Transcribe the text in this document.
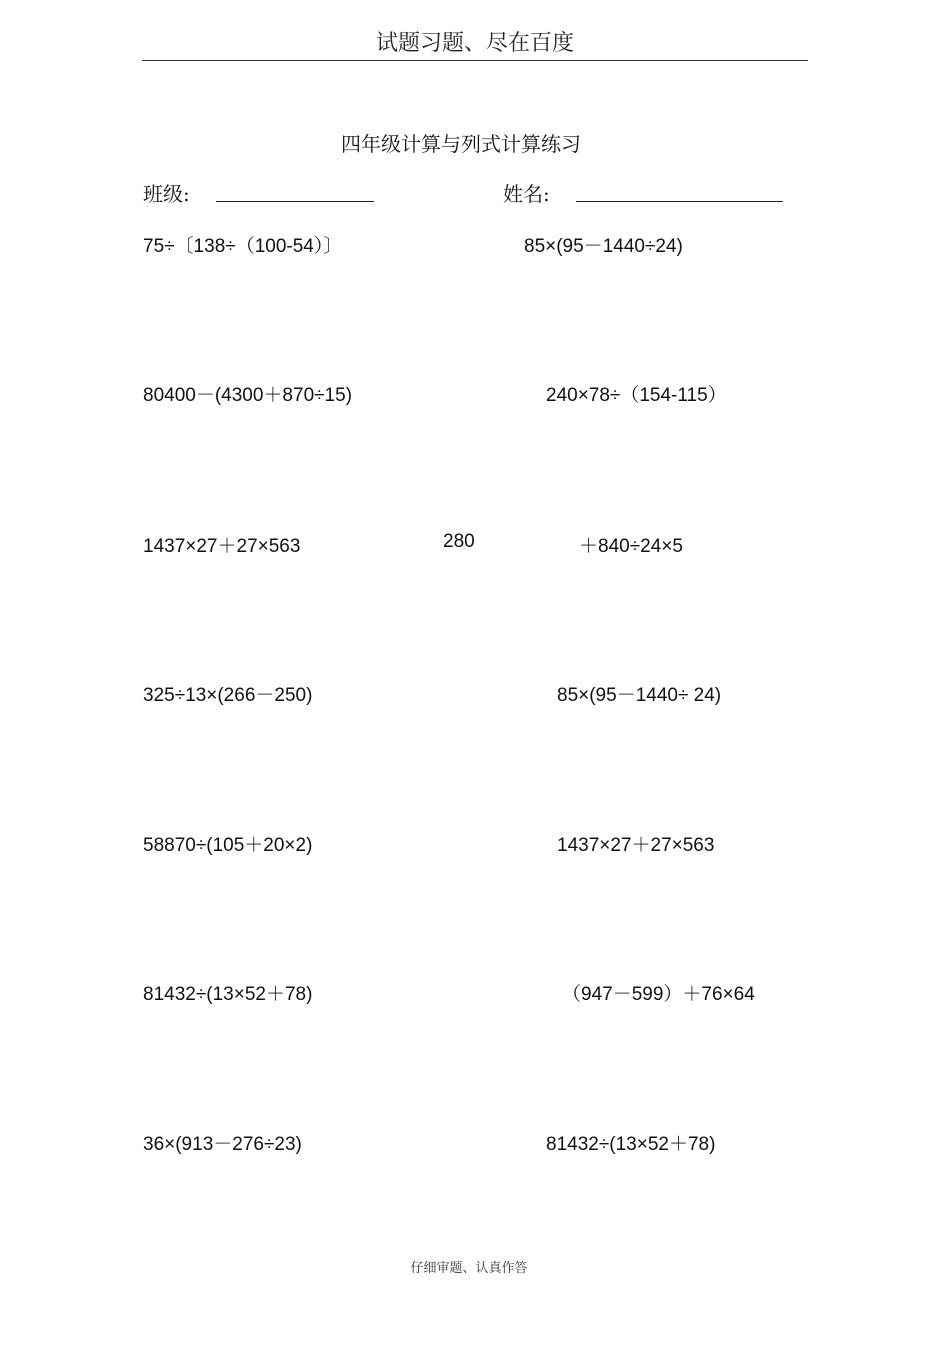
试题习题、尽在百度
四年级计算与列式计算练习
班级:	姓名:
75÷〔138÷（100-54）〕
80400－(4300＋870÷15)
1437×27＋27×563
325÷13×(266－250)
58870÷(105＋20×2)
81432÷(13×52＋78)
36×(913－276÷23)
280
85×(95－1440÷24)
240×78÷（154-115）
＋840÷24×5
85×(95－1440÷ 24)
1437×27＋27×563
（947－599）＋76×64
81432÷(13×52＋78)
仔细审题、认真作答
